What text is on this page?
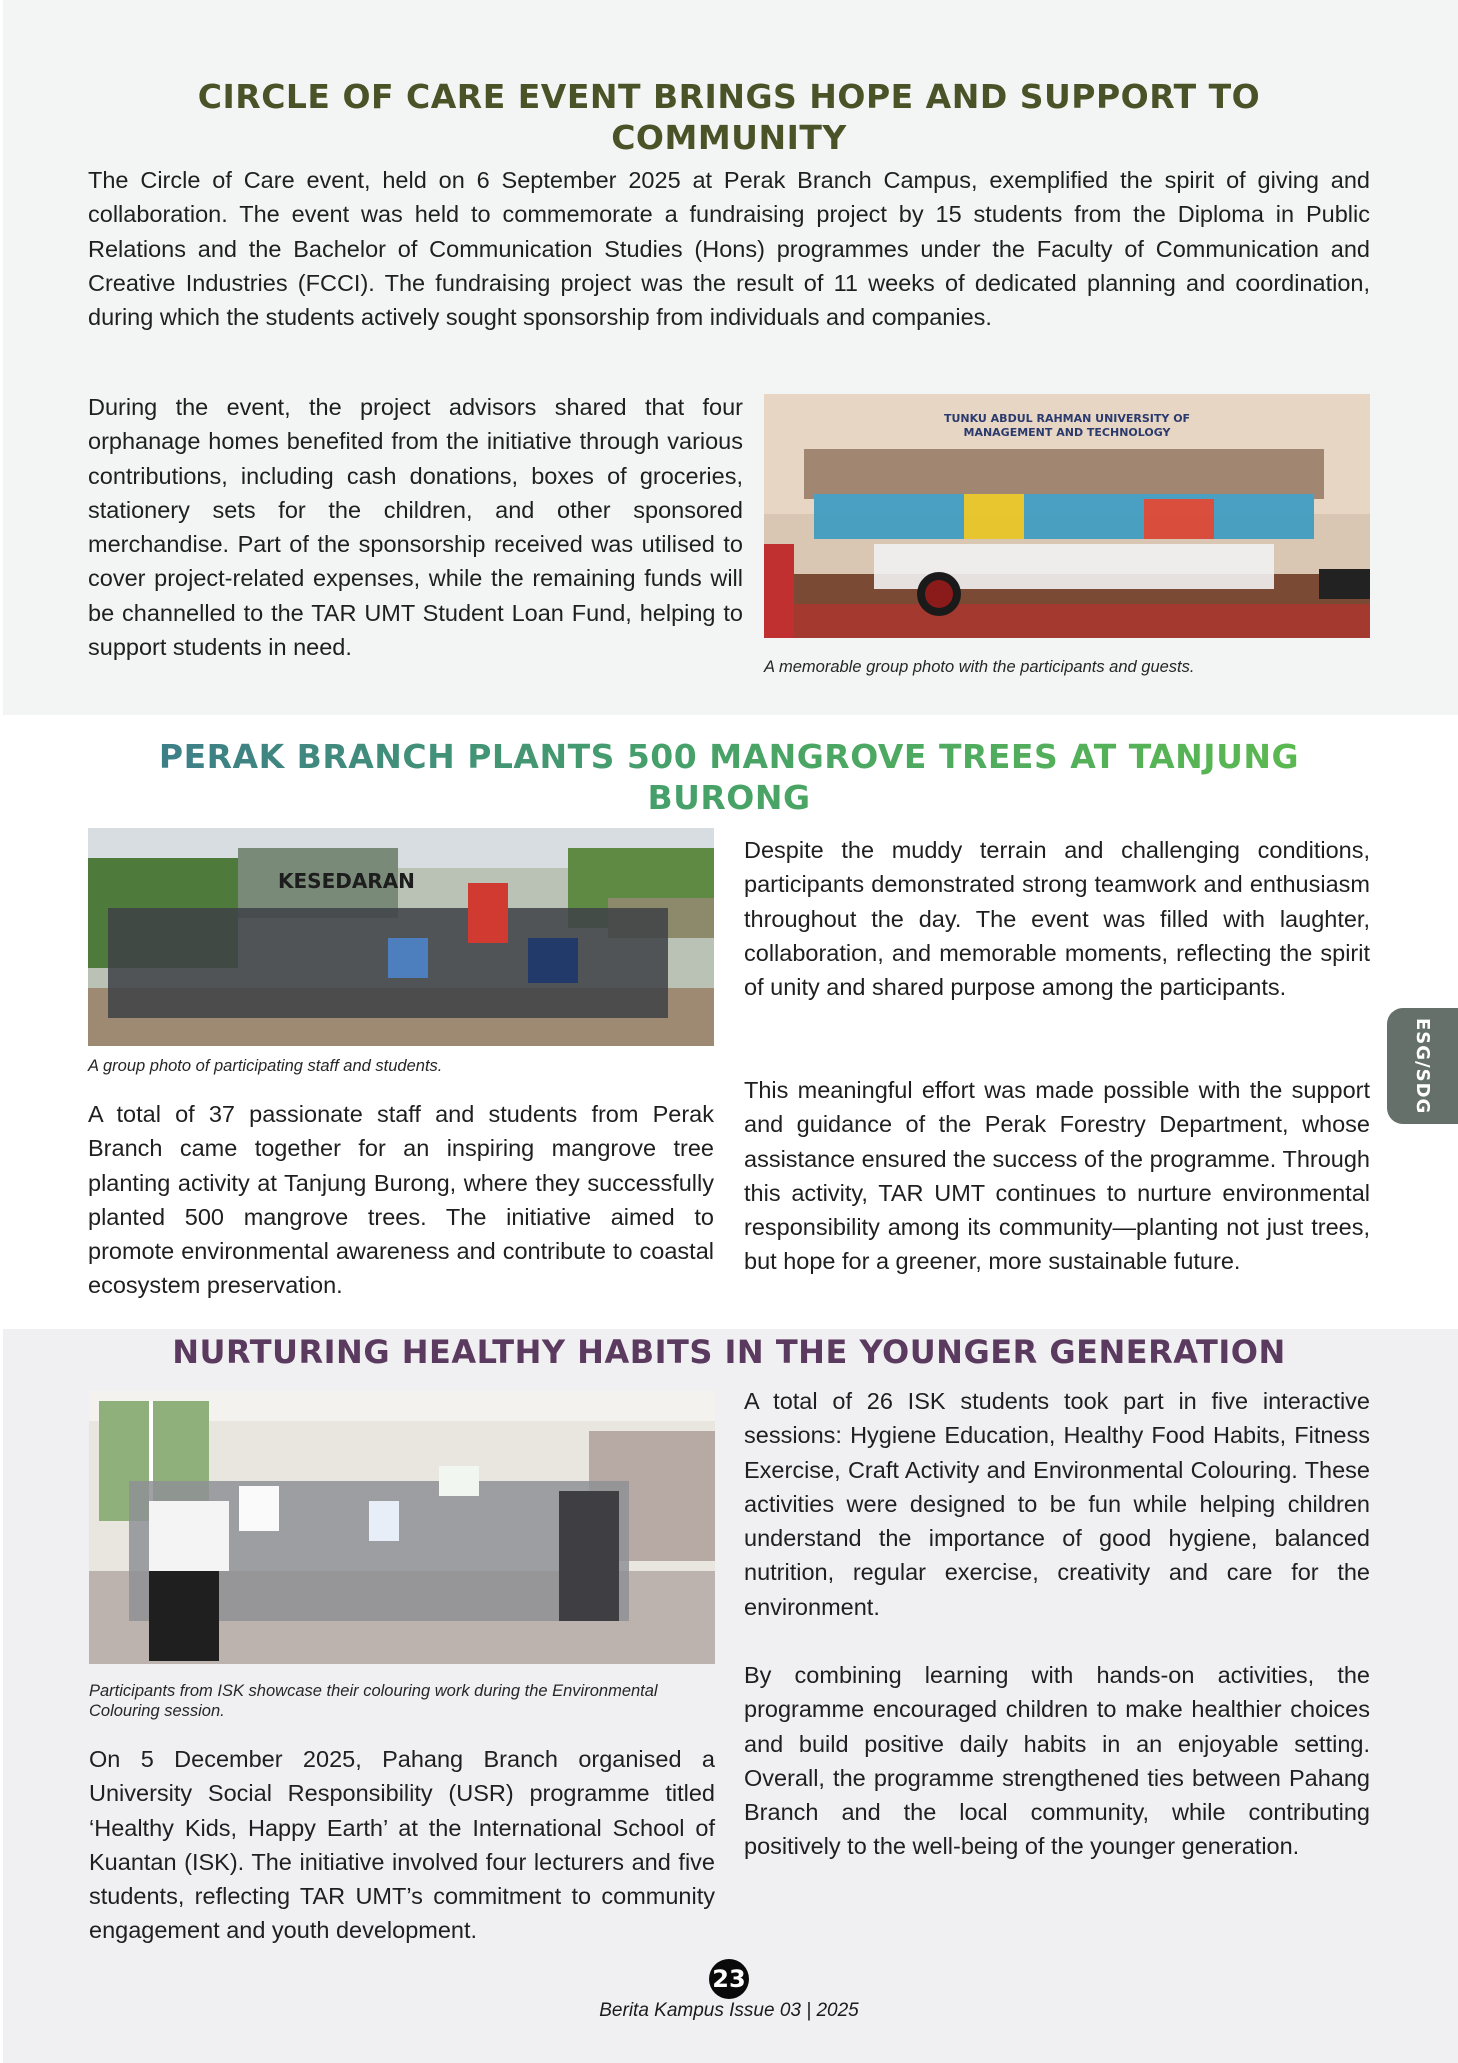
CIRCLE OF CARE EVENT BRINGS HOPE AND SUPPORT TO COMMUNITY

The Circle of Care event, held on 6 September 2025 at Perak Branch Campus, exemplified the spirit of giving and collaboration. The event was held to commemorate a fundraising project by 15 students from the Diploma in Public Relations and the Bachelor of Communication Studies (Hons) programmes under the Faculty of Communication and Creative Industries (FCCI). The fundraising project was the result of 11 weeks of dedicated planning and coordination, during which the students actively sought sponsorship from individuals and companies.

During the event, the project advisors shared that four orphanage homes benefited from the initiative through various contributions, including cash donations, boxes of groceries, stationery sets for the children, and other sponsored merchandise. Part of the sponsorship received was utilised to cover project-related expenses, while the remaining funds will be channelled to the TAR UMT Student Loan Fund, helping to support students in need.

TUNKU ABDUL RAHMAN UNIVERSITY OF
MANAGEMENT AND TECHNOLOGY
A memorable group photo with the participants and guests.
PERAK BRANCH PLANTS 500 MANGROVE TREES AT TANJUNG BURONG
KESEDARAN
A group photo of participating staff and students.

A total of 37 passionate staff and students from Perak Branch came together for an inspiring mangrove tree planting activity at Tanjung Burong, where they successfully planted 500 mangrove trees. The initiative aimed to promote environmental awareness and contribute to coastal ecosystem preservation.

Despite the muddy terrain and challenging conditions, participants demonstrated strong teamwork and enthusiasm throughout the day. The event was filled with laughter, collaboration, and memorable moments, reflecting the spirit of unity and shared purpose among the participants.

This meaningful effort was made possible with the support and guidance of the Perak Forestry Department, whose assistance ensured the success of the programme. Through this activity, TAR UMT continues to nurture environmental responsibility among its community—planting not just trees, but hope for a greener, more sustainable future.

NURTURING HEALTHY HABITS IN THE YOUNGER GENERATION
Participants from ISK showcase their colouring work during the Environmental Colouring session.

On 5 December 2025, Pahang Branch organised a University Social Responsibility (USR) programme titled ‘Healthy Kids, Happy Earth’ at the International School of Kuantan (ISK). The initiative involved four lecturers and five students, reflecting TAR UMT’s commitment to community engagement and youth development.

A total of 26 ISK students took part in five interactive sessions: Hygiene Education, Healthy Food Habits, Fitness Exercise, Craft Activity and Environmental Colouring. These activities were designed to be fun while helping children understand the importance of good hygiene, balanced nutrition, regular exercise, creativity and care for the environment.

By combining learning with hands-on activities, the programme encouraged children to make healthier choices and build positive daily habits in an enjoyable setting. Overall, the programme strengthened ties between Pahang Branch and the local community, while contributing positively to the well-being of the younger generation.

ESG/SDG
23
Berita Kampus Issue 03 | 2025
